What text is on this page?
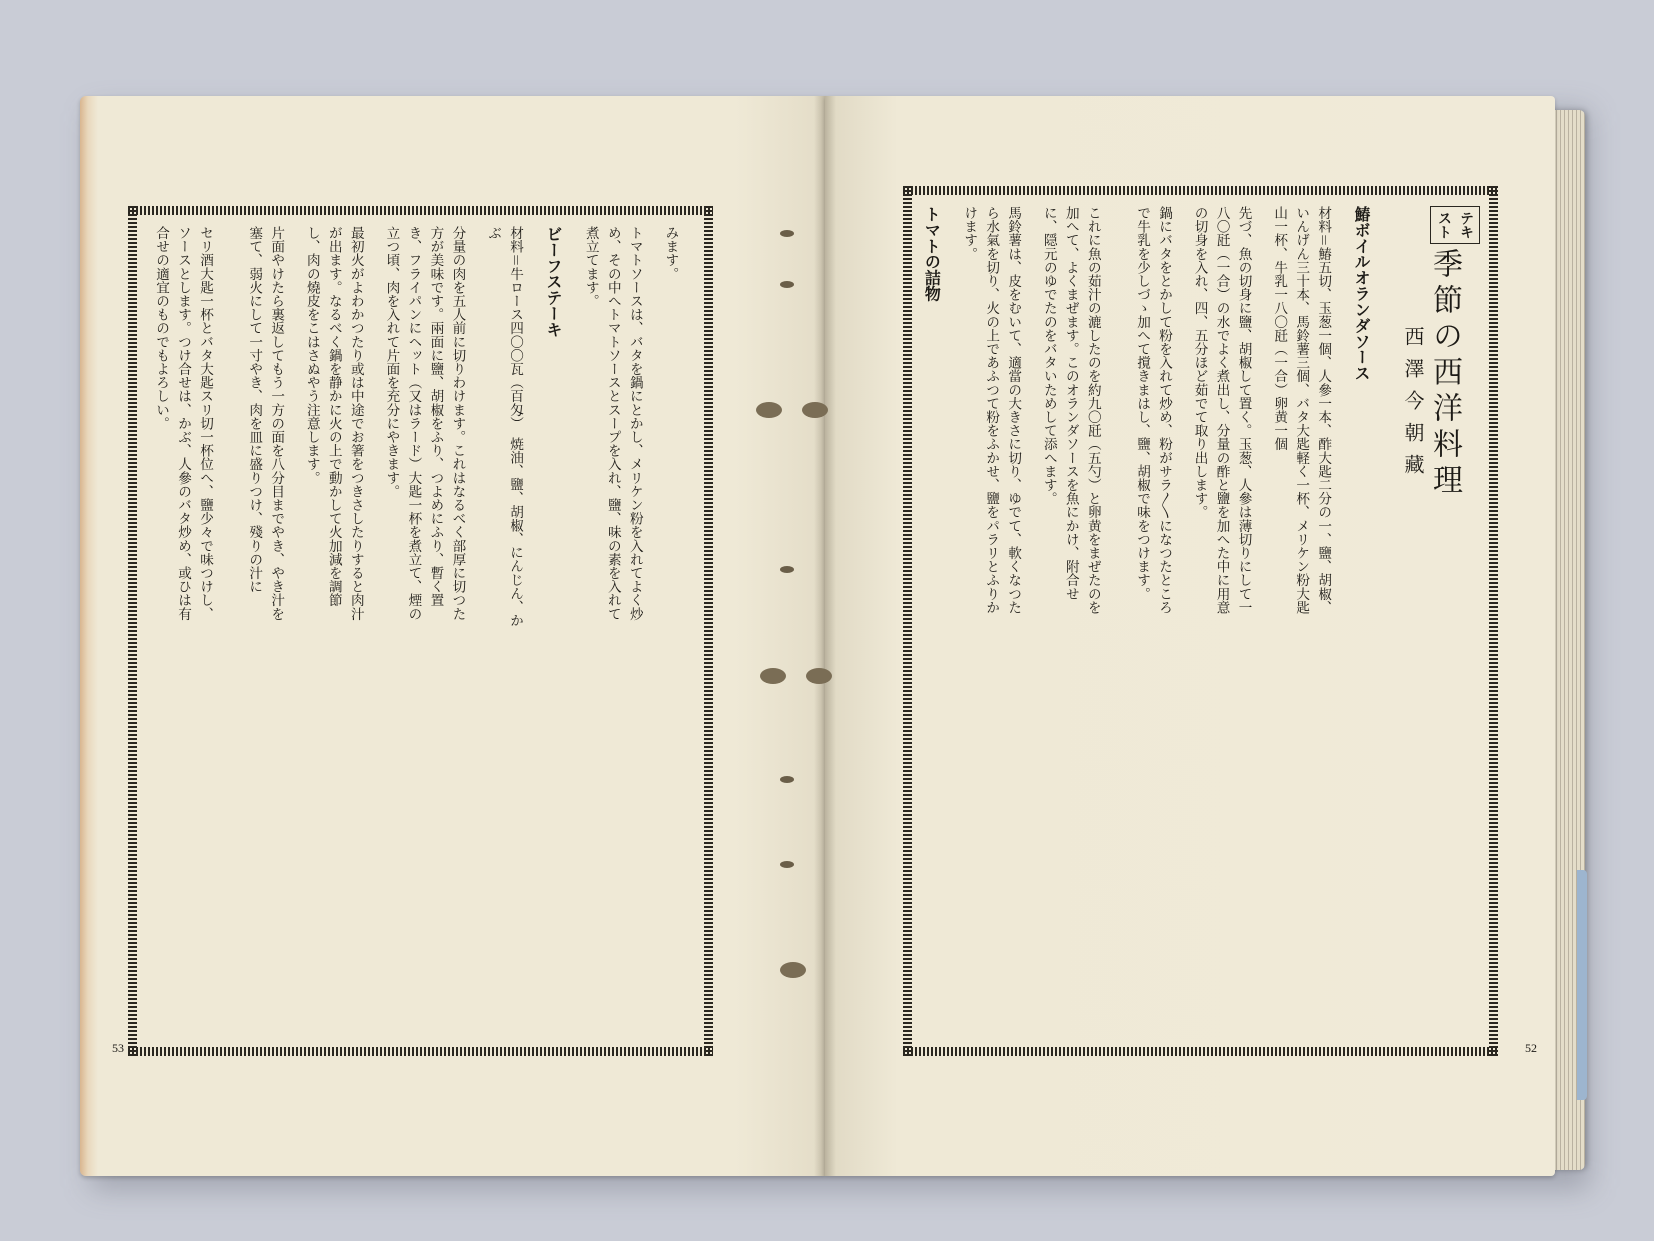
みます。

トマトソースは、バタを鍋にとかし、メリケン粉を入れてよく炒め、その中へトマトソースとスープを入れ、鹽、味の素を入れて煮立てます。

ビーフステーキ

材料＝牛ロース四〇〇瓦（百匁）　焼油、鹽、胡椒、にんじん、かぶ

分量の肉を五人前に切りわけます。これはなるべく部厚に切つた方が美味です。兩面に鹽、胡椒をふり、つよめにふり、暫く置き、フライパンにヘット（又はラード）大匙一杯を煮立て、煙の立つ頃、肉を入れて片面を充分にやきます。

最初火がよわかつたり或は中途でお箸をつきさしたりすると肉汁が出ます。なるべく鍋を静かに火の上で動かして火加減を調節し、肉の燒皮をこはさぬやう注意します。

片面やけたら裏返してもう一方の面を八分目までやき、やき汁を塞て、弱火にして一寸やき、肉を皿に盛りつけ、殘りの汁に

セリ酒大匙一杯とバタ大匙スリ切一杯位へ、鹽少々で味つけし、ソースとします。つけ合せは、かぶ、人參のバタ炒め、或ひは有合せの適宜のものでもよろしい。

53
テキ
スト 季節の西洋料理 西澤今朝藏
鰆ボイルオランダソース

材料＝鰆五切、玉葱一個、人參一本、酢大匙二分の一、鹽、胡椒、いんげん三十本、馬鈴薯三個、バタ大匙軽く一杯、メリケン粉大匙山一杯、牛乳一八〇瓩（一合）卵黄一個

先づ、魚の切身に鹽、胡椒して置く。玉葱、人參は薄切りにして一八〇瓩（一合）の水でよく煮出し、分量の酢と鹽を加へた中に用意の切身を入れ、四、五分ほど茹でて取り出します。

鍋にバタをとかして粉を入れて炒め、粉がサラ〳〵になつたところで牛乳を少しづゝ加へて撹きまはし、鹽、胡椒で味をつけます。

これに魚の茹汁の漉したのを約九〇瓩（五勺）と卵黄をまぜたのを加へて、よくまぜます。このオランダソースを魚にかけ、附合せに、隠元のゆでたのをバタいためして添へます。

馬鈴薯は、皮をむいて、適當の大きさに切り、ゆでて、軟くなつたら水氣を切り、火の上であふつて粉をふかせ、鹽をパラリとふりかけます。

トマトの詰物

52
